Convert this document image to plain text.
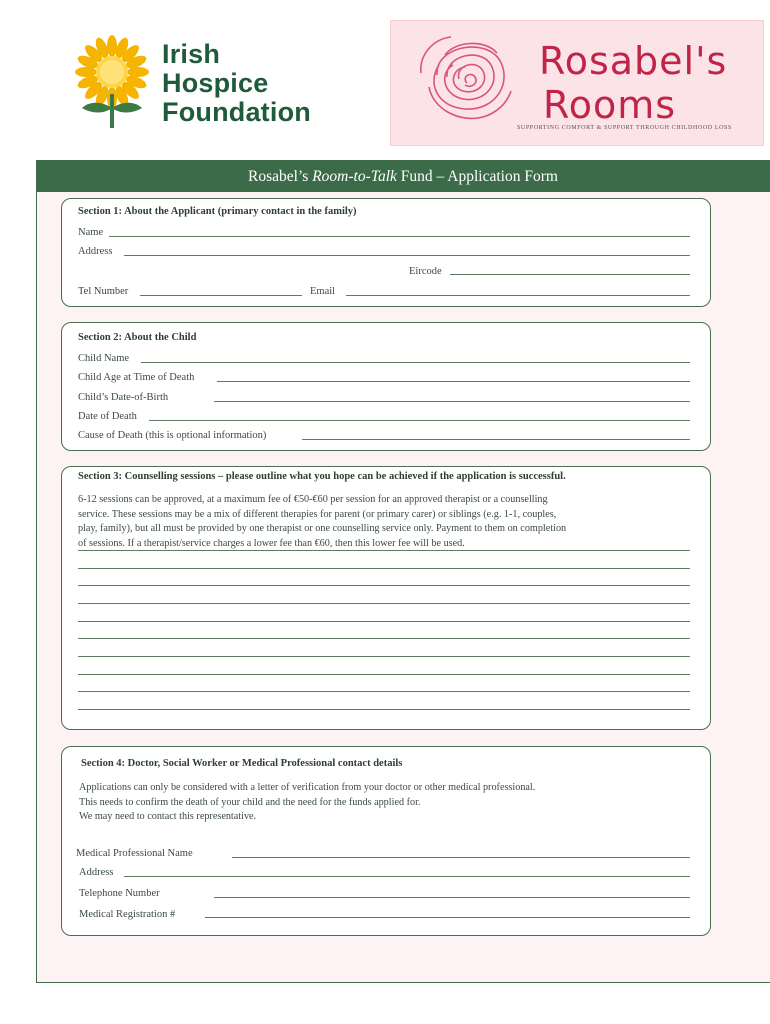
Irish
Hospice
Foundation
Rosabel's
Rooms
SUPPORTING COMFORT & SUPPORT THROUGH CHILDHOOD LOSS
Rosabel’s Room-to-Talk Fund – Application Form
Section 1: About the Applicant (primary contact in the family)
Name
Address
Eircode
Tel Number	Email
Section 2: About the Child
Child Name
Child Age at Time of Death
Child’s Date-of-Birth
Date of Death
Cause of Death (this is optional information)
Section 3: Counselling sessions – please outline what you hope can be achieved if the application is successful.
6-12 sessions can be approved, at a maximum fee of €50-€60 per session for an approved therapist or a counselling
service. These sessions may be a mix of different therapies for parent (or primary carer) or siblings (e.g. 1-1, couples,
play, family), but all must be provided by one therapist or one counselling service only. Payment to them on completion
of sessions. If a therapist/service charges a lower fee than €60, then this lower fee will be used.
Section 4: Doctor, Social Worker or Medical Professional contact details
Applications can only be considered with a letter of verification from your doctor or other medical professional.
This needs to confirm the death of your child and the need for the funds applied for.
We may need to contact this representative.
Medical Professional Name
Address
Telephone Number
Medical Registration #
